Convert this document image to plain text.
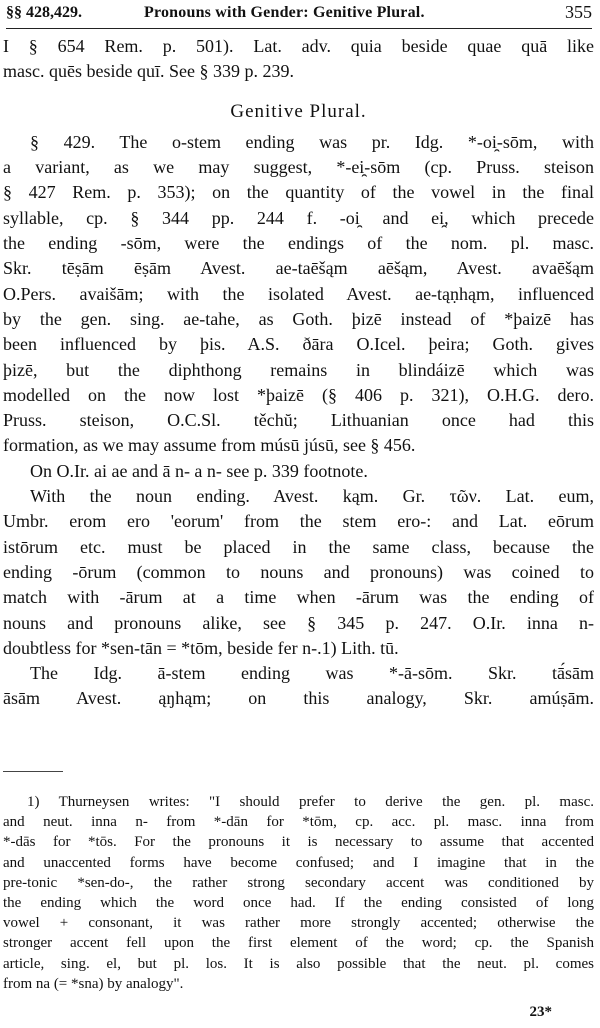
§§ 428,429.	Pronouns with Gender: Genitive Plural.	355

I § 654 Rem. p. 501). Lat. adv. quia beside quae quā like
masc. quēs beside quī. See § 339 p. 239.

Genitive Plural.

§ 429. The o-stem ending was pr. Idg. *-oi̯-sōm, with
a variant, as we may suggest, *-ei̯-sōm (cp. Pruss. steison
§ 427 Rem. p. 353); on the quantity of the vowel in the final
syllable, cp. § 344 pp. 244 f. -oi̯ and ei̯, which precede
the ending -sōm, were the endings of the nom. pl. masc.
Skr. tēṣām ēṣām Avest. ae-taēšąm aēšąm, Avest. avaēšąm
O.Pers. avaišām; with the isolated Avest. ae-tąṇhąm, influenced
by the gen. sing. ae-tahe, as Goth. þizē instead of *þaizē has
been influenced by þis. A.S. ðāra O.Icel. þeira; Goth. gives
þizē, but the diphthong remains in blindáizē which was
modelled on the now lost *þaizē (§ 406 p. 321), O.H.G. dero.
Pruss. steison, O.C.Sl. těchŭ; Lithuanian once had this
formation, as we may assume from músū júsū, see § 456.

On O.Ir. ai ae and ā n- a n- see p. 339 footnote.

With the noun ending. Avest. kąm. Gr. τῶν. Lat. eum,
Umbr. erom ero 'eorum' from the stem ero-: and Lat. eōrum
istōrum etc. must be placed in the same class, because the
ending -ōrum (common to nouns and pronouns) was coined to
match with -ārum at a time when -ārum was the ending of
nouns and pronouns alike, see § 345 p. 247. O.Ir. inna n-
doubtless for *sen-tān = *tōm, beside fer n-.1) Lith. tū.

The Idg. ā-stem ending was *-ā-sōm. Skr. tā́sām
āsām Avest. ąŋhąm; on this analogy, Skr. amúṣām.

1) Thurneysen writes: "I should prefer to derive the gen. pl. masc.
and neut. inna n- from *-dān for *tōm, cp. acc. pl. masc. inna from
*-dās for *tōs. For the pronouns it is necessary to assume that accented
and unaccented forms have become confused; and I imagine that in the
pre-tonic *sen-do-, the rather strong secondary accent was conditioned by
the ending which the word once had. If the ending consisted of long
vowel + consonant, it was rather more strongly accented; otherwise the
stronger accent fell upon the first element of the word; cp. the Spanish
article, sing. el, but pl. los. It is also possible that the neut. pl. comes
from na (= *sna) by analogy".
23*
